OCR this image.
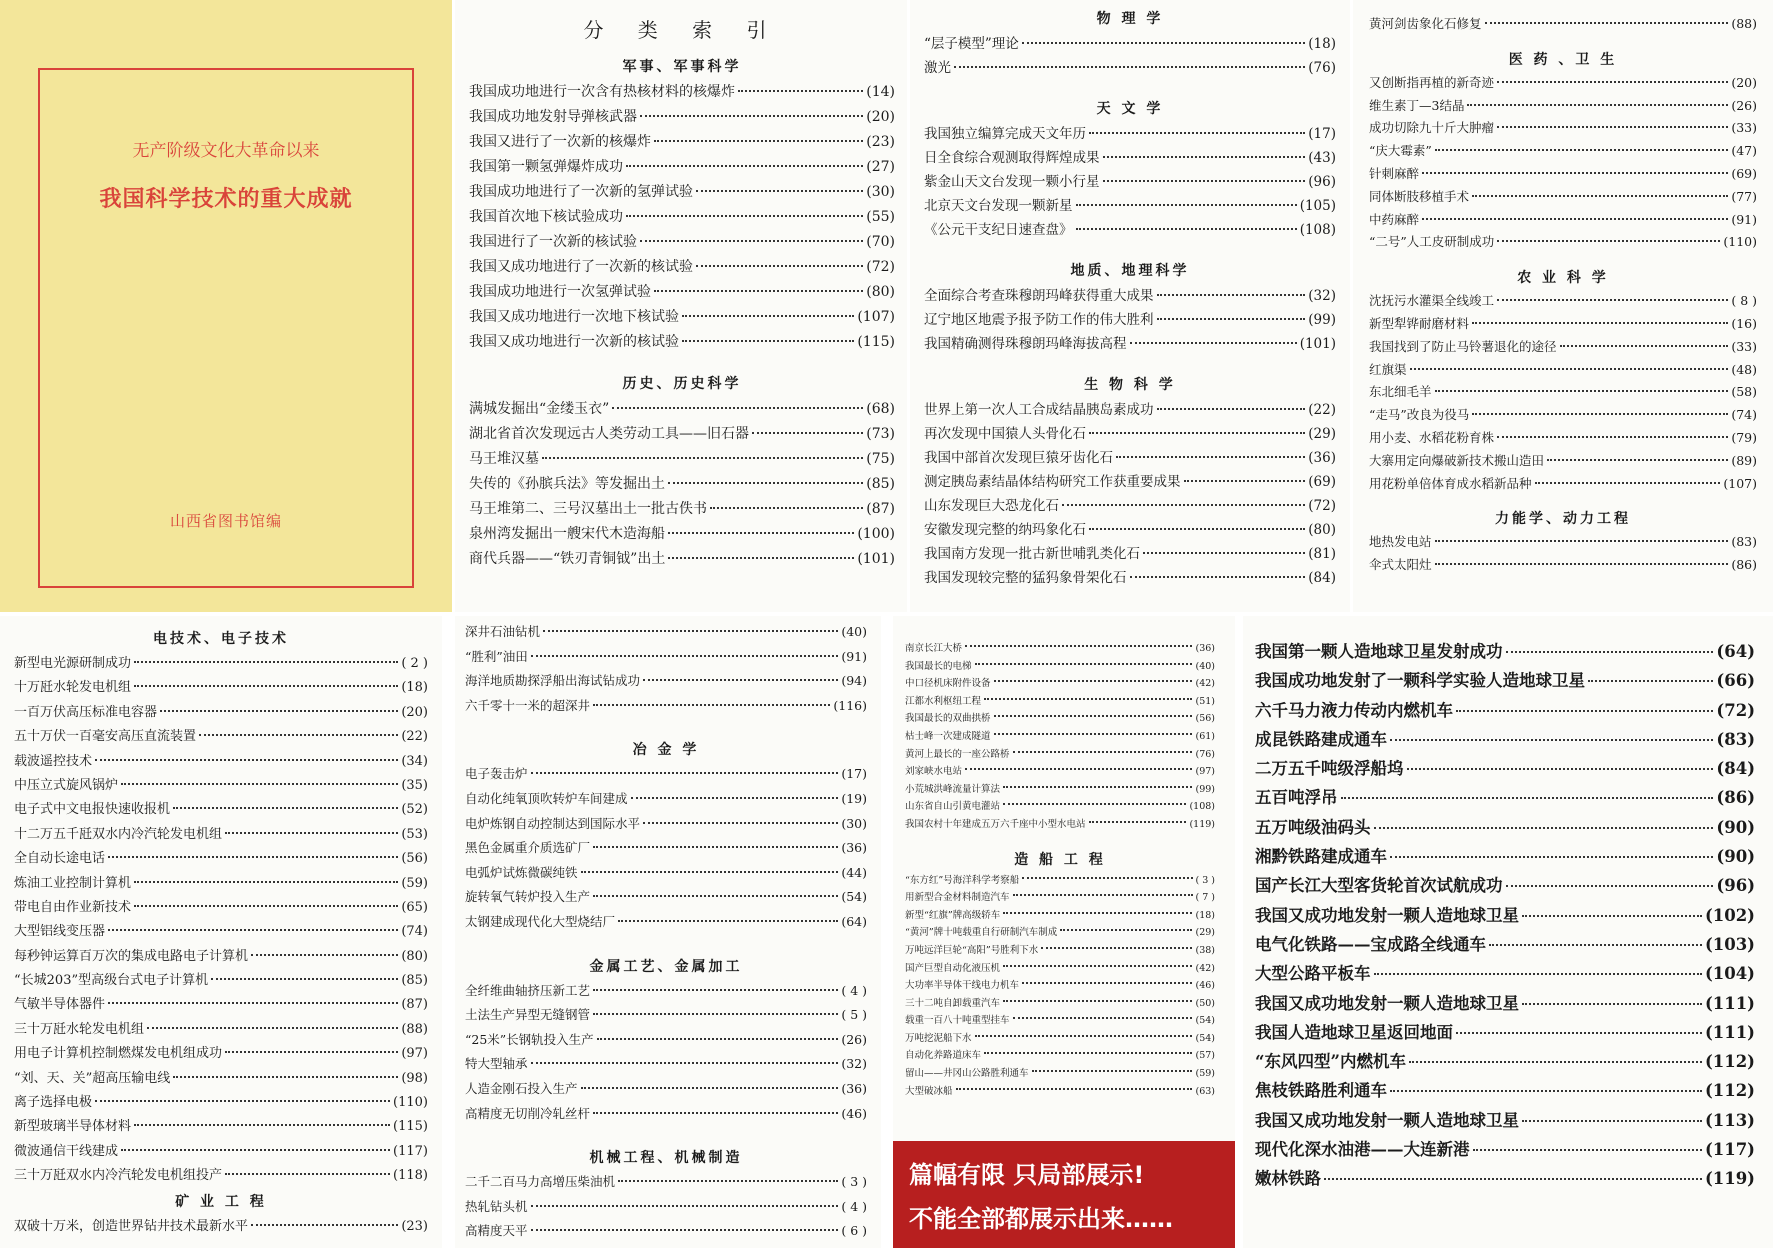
无产阶级文化大革命以来
我国科学技术的重大成就
山西省图书馆编
分 类 索 引
军事、军事科学
我国成功地进行一次含有热核材料的核爆炸	(14)
我国成功地发射导弹核武器	(20)
我国又进行了一次新的核爆炸	(23)
我国第一颗氢弹爆炸成功	(27)
我国成功地进行了一次新的氢弹试验	(30)
我国首次地下核试验成功	(55)
我国进行了一次新的核试验	(70)
我国又成功地进行了一次新的核试验	(72)
我国成功地进行一次氢弹试验	(80)
我国又成功地进行一次地下核试验	(107)
我国又成功地进行一次新的核试验	(115)
历史、历史科学
满城发掘出“金缕玉衣”	(68)
湖北省首次发现远古人类劳动工具——旧石器	(73)
马王堆汉墓	(75)
失传的《孙膑兵法》等发掘出土	(85)
马王堆第二、三号汉墓出土一批古佚书	(87)
泉州湾发掘出一艘宋代木造海船	(100)
商代兵器——“铁刃青铜钺”出土	(101)
物 理 学
“层子模型”理论	(18)
激光	(76)
天 文 学
我国独立编算完成天文年历	(17)
日全食综合观测取得辉煌成果	(43)
紫金山天文台发现一颗小行星	(96)
北京天文台发现一颗新星	(105)
《公元干支纪日速查盘》	(108)
地质、地理科学
全面综合考查珠穆朗玛峰获得重大成果	(32)
辽宁地区地震予报予防工作的伟大胜利	(99)
我国精确测得珠穆朗玛峰海拔高程	(101)
生 物 科 学
世界上第一次人工合成结晶胰岛素成功	(22)
再次发现中国猿人头骨化石	(29)
我国中部首次发现巨猿牙齿化石	(36)
测定胰岛素结晶体结构研究工作获重要成果	(69)
山东发现巨大恐龙化石	(72)
安徽发现完整的纳玛象化石	(80)
我国南方发现一批古新世哺乳类化石	(81)
我国发现较完整的猛犸象骨架化石	(84)
黄河剑齿象化石修复	(88)
医 药 、卫 生
又创断指再植的新奇迹	(20)
维生素丁—3结晶	(26)
成功切除九十斤大肿瘤	(33)
“庆大霉素”	(47)
针刺麻醉	(69)
同体断肢移植手术	(77)
中药麻醉	(91)
“二号”人工皮研制成功	(110)
农 业 科 学
沈抚污水灌渠全线竣工	( 8 )
新型犁铧耐磨材料	(16)
我国找到了防止马铃薯退化的途径	(33)
红旗渠	(48)
东北细毛羊	(58)
“走马”改良为役马	(74)
用小麦、水稻花粉育株	(79)
大寨用定向爆破新技术搬山造田	(89)
用花粉单倍体育成水稻新品种	(107)
力能学、动力工程
地热发电站	(83)
伞式太阳灶	(86)
电技术、电子技术
新型电光源研制成功	( 2 )
十万瓩水轮发电机组	(18)
一百万伏高压标准电容器	(20)
五十万伏一百毫安高压直流装置	(22)
载波遥控技术	(34)
中压立式旋风锅炉	(35)
电子式中文电报快速收报机	(52)
十二万五千瓩双水内冷汽轮发电机组	(53)
全自动长途电话	(56)
炼油工业控制计算机	(59)
带电自由作业新技术	(65)
大型铝线变压器	(74)
每秒钟运算百万次的集成电路电子计算机	(80)
“长城203”型高级台式电子计算机	(85)
气敏半导体器件	(87)
三十万瓩水轮发电机组	(88)
用电子计算机控制燃煤发电机组成功	(97)
“刘、天、关”超高压输电线	(98)
离子选择电极	(110)
新型玻璃半导体材料	(115)
微波通信干线建成	(117)
三十万瓩双水内冷汽轮发电机组投产	(118)
矿 业 工 程
双破十万米，创造世界钻井技术最新水平	(23)
深井石油钻机	(40)
“胜利”油田	(91)
海洋地质勘探浮船出海试钻成功	(94)
六千零十一米的超深井	(116)
冶 金 学
电子轰击炉	(17)
自动化纯氧顶吹转炉车间建成	(19)
电炉炼钢自动控制达到国际水平	(30)
黑色金属重介质选矿厂	(36)
电弧炉试炼微碳纯铁	(44)
旋转氧气转炉投入生产	(54)
太钢建成现代化大型烧结厂	(64)
金属工艺、金属加工
全纤维曲轴挤压新工艺	( 4 )
土法生产异型无缝钢管	( 5 )
“25米”长钢轨投入生产	(26)
特大型轴承	(32)
人造金刚石投入生产	(36)
高精度无切削冷轧丝杆	(46)
机械工程、机械制造
二千二百马力高增压柴油机	( 3 )
热轧钻头机	( 4 )
高精度天平	( 6 )
南京长江大桥	(36)
我国最长的电梯	(40)
中口径机床附件设备	(42)
江都水利枢纽工程	(51)
我国最长的双曲拱桥	(56)
枯士峰一次建成隧道	(61)
黄河上最长的一座公路桥	(76)
刘家峡水电站	(97)
小荒城洪峰流量计算法	(99)
山东省自山引黄电灌站	(108)
我国农村十年建成五万六千座中小型水电站	(119)
造 船 工 程
“东方红”号海洋科学考察船	( 3 )
用新型合金材料制造汽车	( 7 )
新型“红旗”牌高级轿车	(18)
“黄河”牌十吨载重自行研制汽车制成	(29)
万吨远洋巨轮“高阳”号胜利下水	(38)
国产巨型自动化液压机	(42)
大功率半导体干线电力机车	(46)
三十二吨自卸载重汽车	(50)
载重一百八十吨重型挂车	(54)
万吨挖泥船下水	(54)
自动化养路道床车	(57)
留山——井冈山公路胜利通车	(59)
大型破冰船	(63)
我国第一颗人造地球卫星发射成功	(64)
我国成功地发射了一颗科学实验人造地球卫星	(66)
六千马力液力传动内燃机车	(72)
成昆铁路建成通车	(83)
二万五千吨级浮船坞	(84)
五百吨浮吊	(86)
五万吨级油码头	(90)
湘黔铁路建成通车	(90)
国产长江大型客货轮首次试航成功	(96)
我国又成功地发射一颗人造地球卫星	(102)
电气化铁路——宝成路全线通车	(103)
大型公路平板车	(104)
我国又成功地发射一颗人造地球卫星	(111)
我国人造地球卫星返回地面	(111)
“东风四型”内燃机车	(112)
焦枝铁路胜利通车	(112)
我国又成功地发射一颗人造地球卫星	(113)
现代化深水油港——大连新港	(117)
嫩林铁路	(119)
篇幅有限 只局部展示!
不能全部都展示出来……
